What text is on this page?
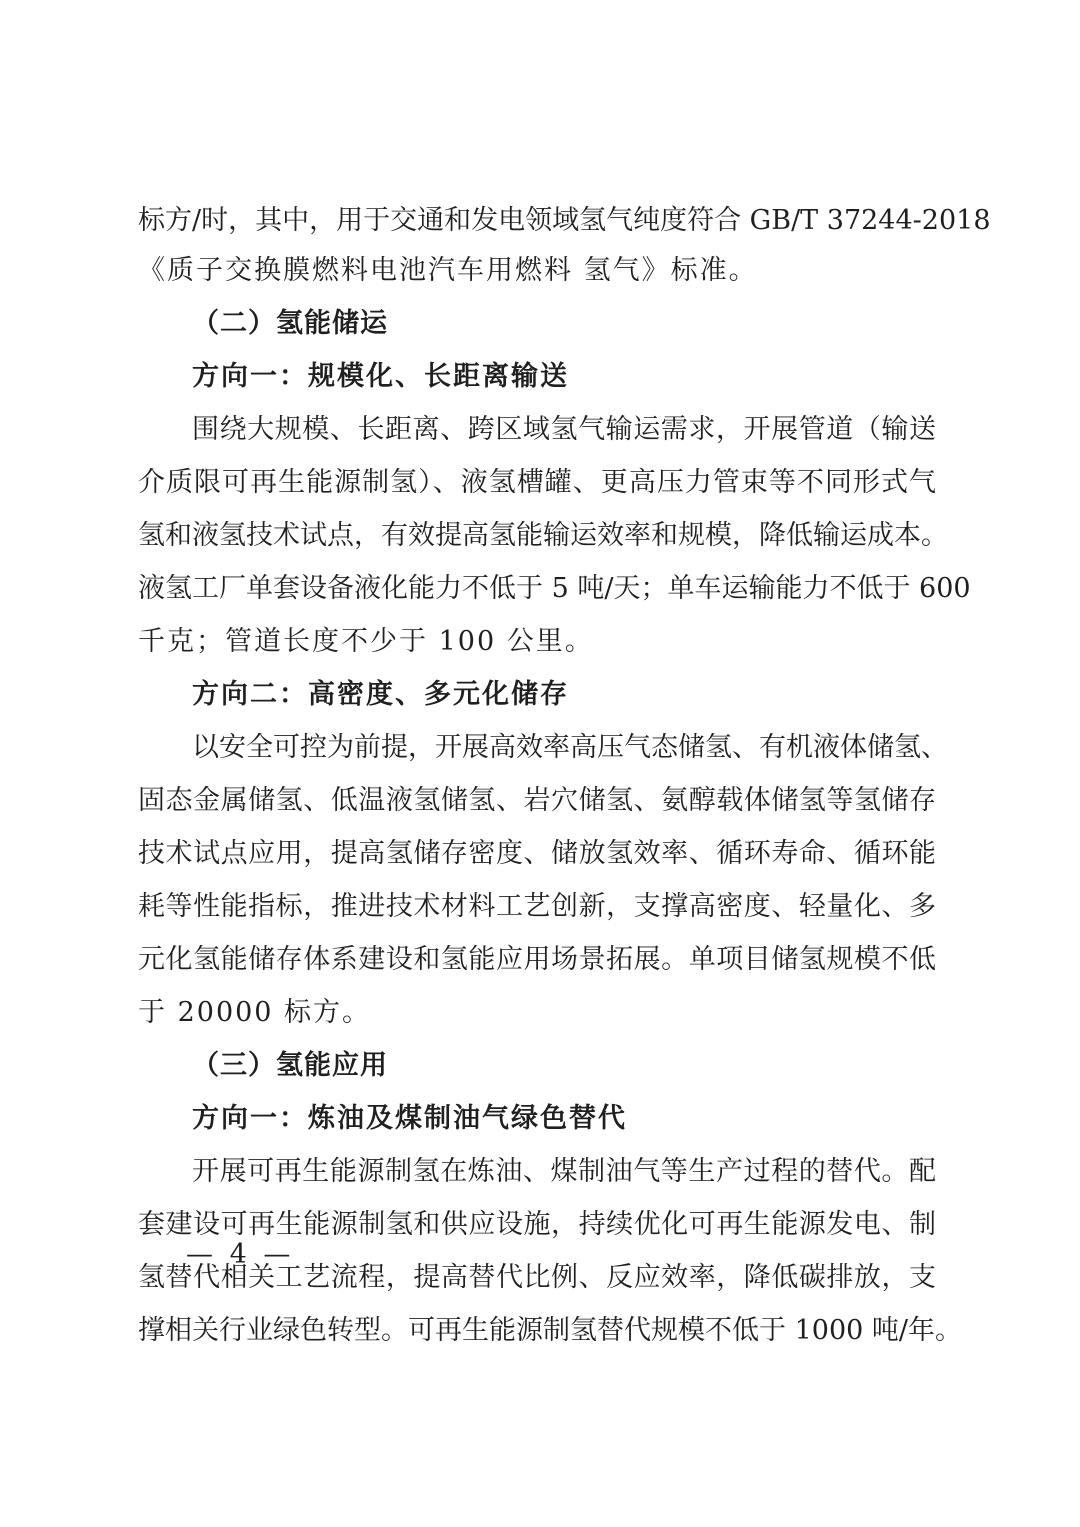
标方/时，其中，用于交通和发电领域氢气纯度符合 GB/T 37244-2018
《质子交换膜燃料电池汽车用燃料 氢气》标准。
（二）氢能储运
方向一：规模化、长距离输送
围绕大规模、长距离、跨区域氢气输运需求，开展管道（输送
介质限可再生能源制氢）、液氢槽罐、更高压力管束等不同形式气
氢和液氢技术试点，有效提高氢能输运效率和规模，降低输运成本。
液氢工厂单套设备液化能力不低于 5 吨/天；单车运输能力不低于 600
千克；管道长度不少于 100 公里。
方向二：高密度、多元化储存
以安全可控为前提，开展高效率高压气态储氢、有机液体储氢、
固态金属储氢、低温液氢储氢、岩穴储氢、氨醇载体储氢等氢储存
技术试点应用，提高氢储存密度、储放氢效率、循环寿命、循环能
耗等性能指标，推进技术材料工艺创新，支撑高密度、轻量化、多
元化氢能储存体系建设和氢能应用场景拓展。单项目储氢规模不低
于 20000 标方。
（三）氢能应用
方向一：炼油及煤制油气绿色替代
开展可再生能源制氢在炼油、煤制油气等生产过程的替代。配
套建设可再生能源制氢和供应设施，持续优化可再生能源发电、制
氢替代相关工艺流程，提高替代比例、反应效率，降低碳排放，支
撑相关行业绿色转型。可再生能源制氢替代规模不低于 1000 吨/年。
— 4 —
